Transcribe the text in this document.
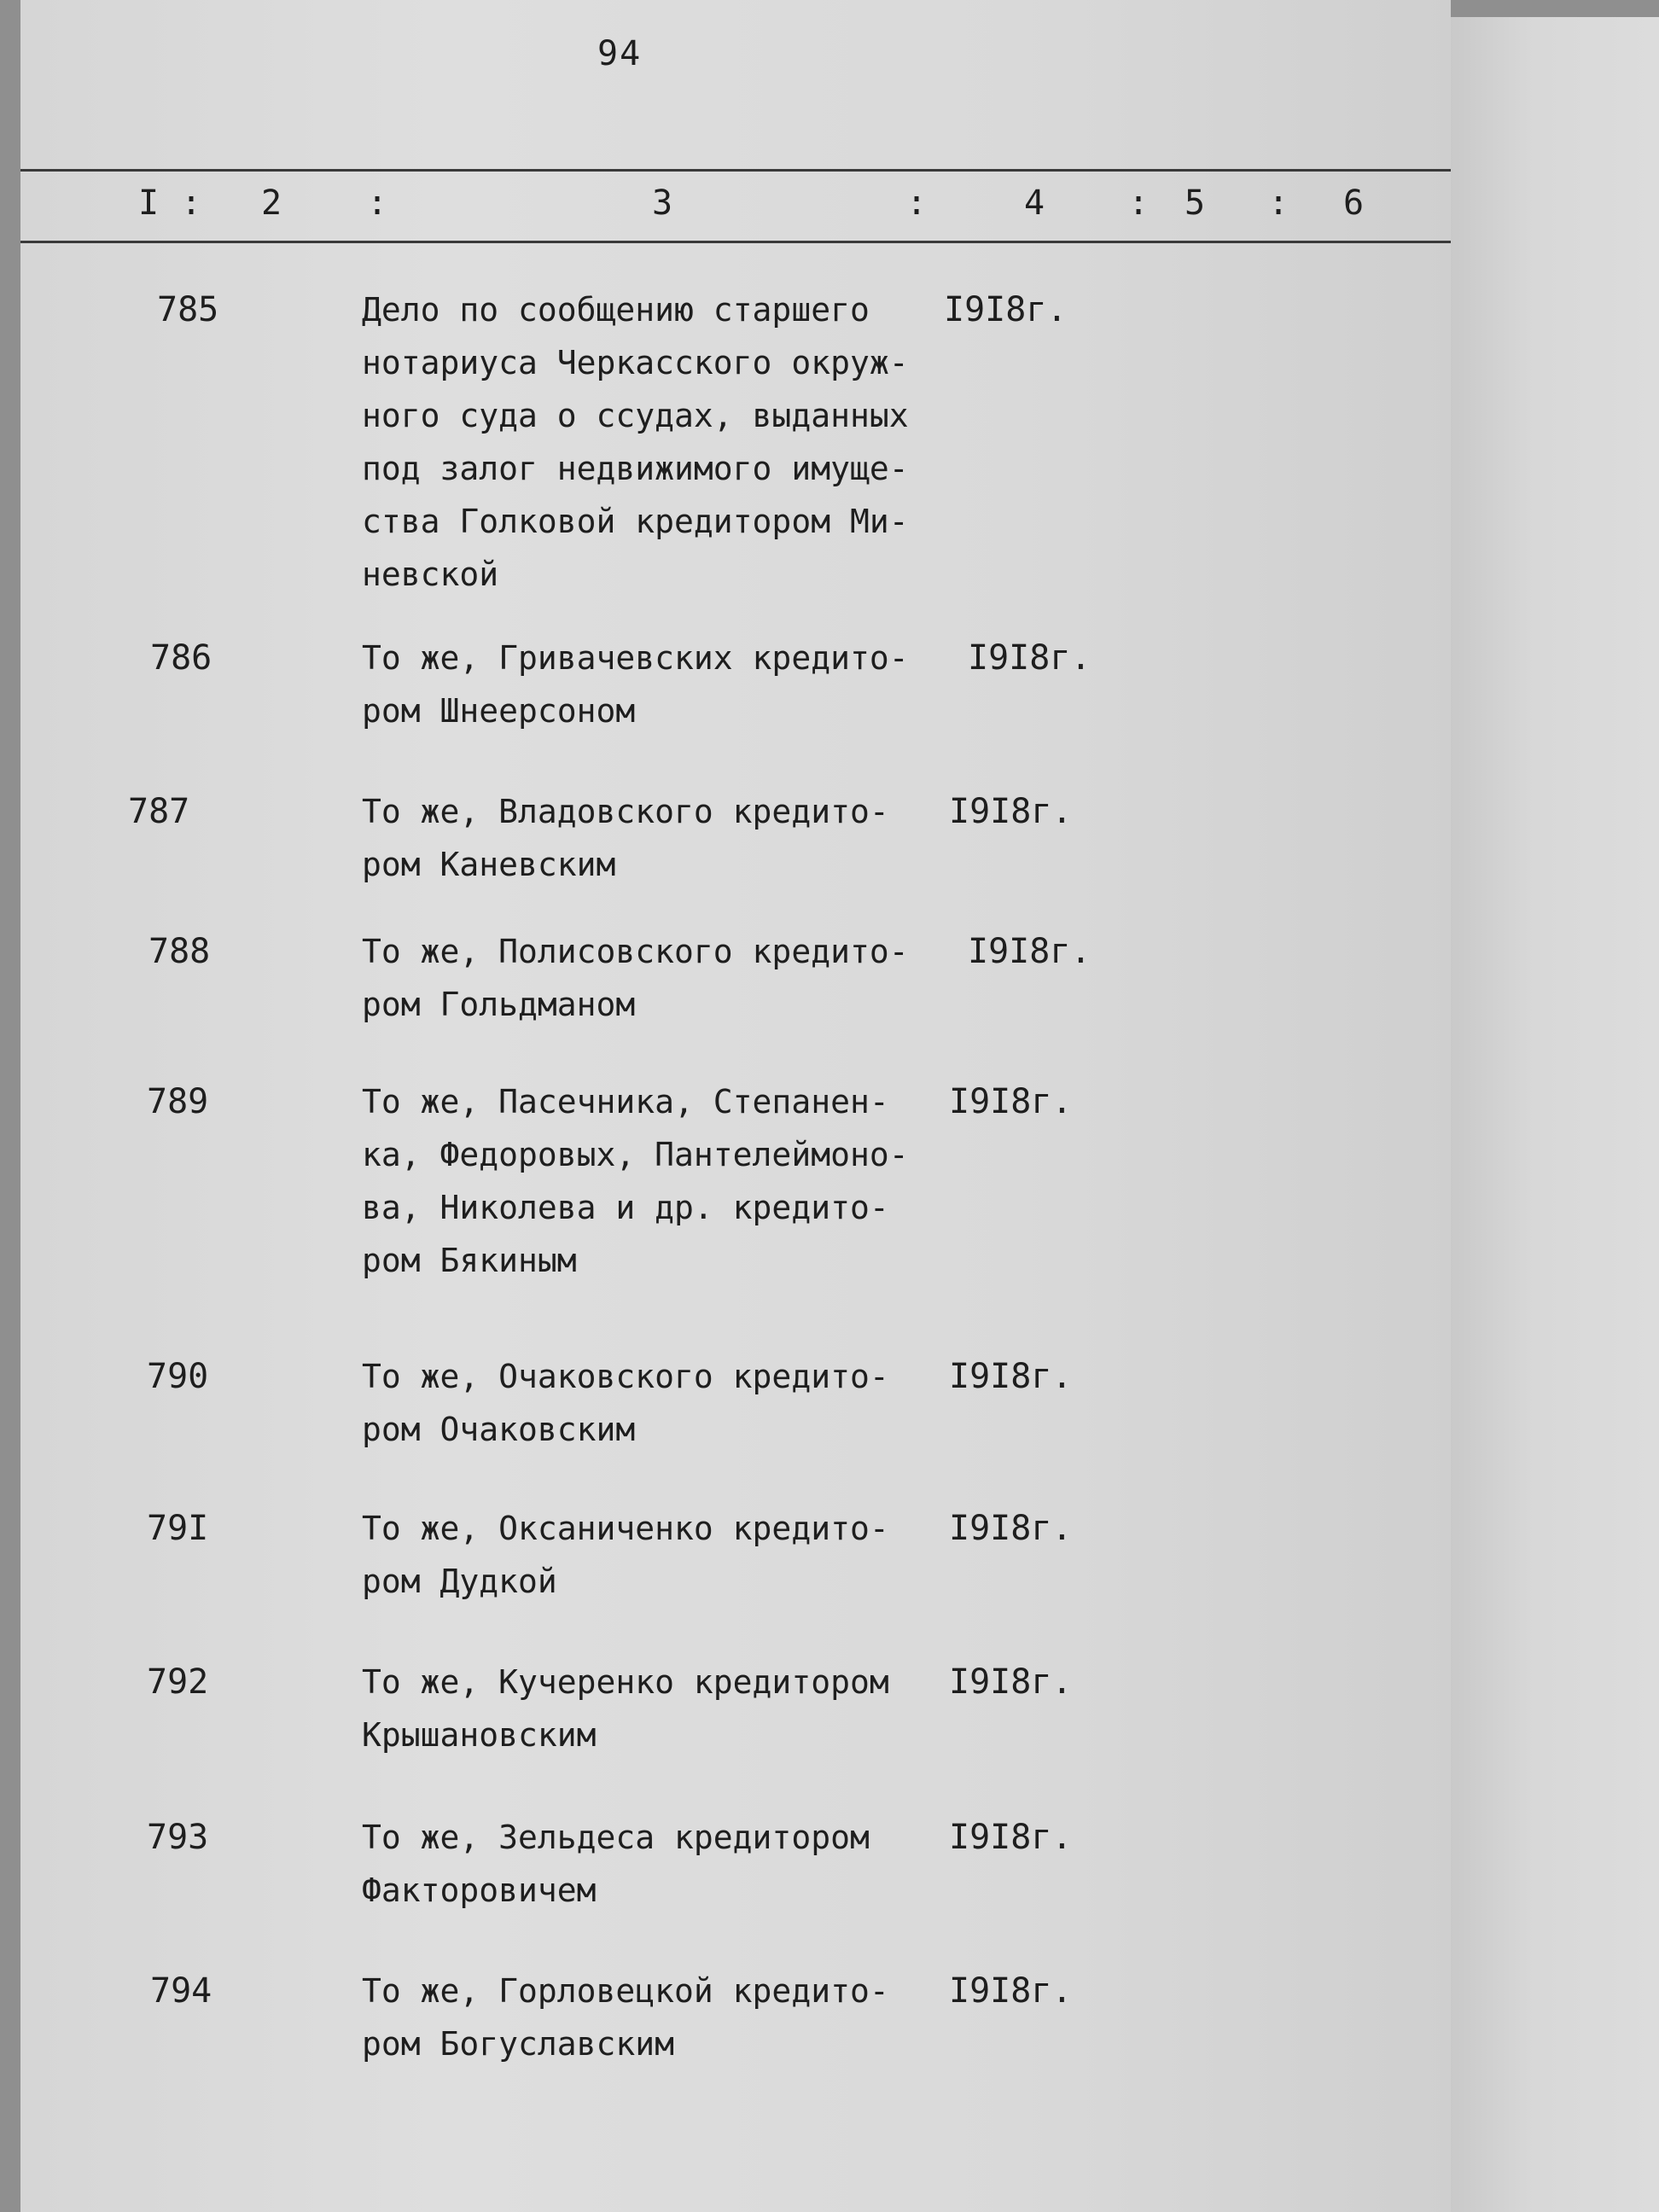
94
I : 2 :	3	:	4 : 5 : 6
785	Дело по сообщению старшего
нотариуса Черкасского окруж-
ного суда о ссудах, выданных
под залог недвижимого имуще-
ства Голковой кредитором Ми-
невской
I9I8г.
786	То же, Гривачевских кредито-
ром Шнеерсоном
I9I8г.
787	То же, Владовского кредито-
ром Каневским
I9I8г.
788	То же, Полисовского кредито-
ром Гольдманом
I9I8г.
789	То же, Пасечника, Степанен-
ка, Федоровых, Пантелеймоно-
ва, Николева и др. кредито-
ром Бякиным
I9I8г.
790	То же, Очаковского кредито-
ром Очаковским
I9I8г.
79I	То же, Оксаниченко кредито-
ром Дудкой
I9I8г.
792	То же, Кучеренко кредитором
Крышановским
I9I8г.
793	То же, Зельдеса кредитором
Факторовичем
I9I8г.
794	То же, Горловецкой кредито-
ром Богуславским
I9I8г.
